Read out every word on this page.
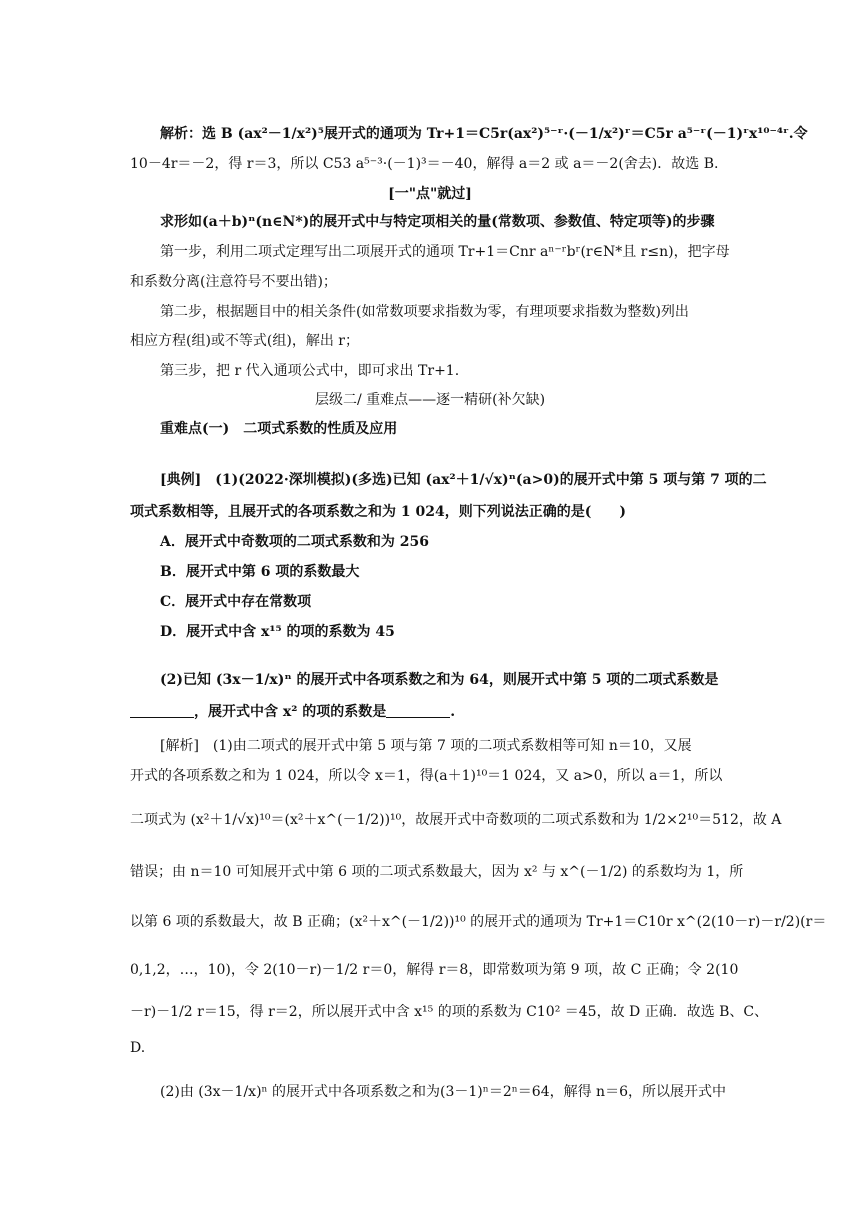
解析：选 B (ax²－1/x²)⁵展开式的通项为 Tr+1＝C5r(ax²)⁵⁻ʳ·(－1/x²)ʳ＝C5r a⁵⁻ʳ(－1)ʳx¹⁰⁻⁴ʳ.令
10－4r＝－2，得 r＝3，所以 C53 a⁵⁻³·(－1)³＝－40，解得 a＝2 或 a＝－2(舍去)．故选 B.
[一"点"就过]
求形如(a＋b)ⁿ(n∈N*)的展开式中与特定项相关的量(常数项、参数值、特定项等)的步骤
第一步，利用二项式定理写出二项展开式的通项 Tr+1＝Cnr aⁿ⁻ʳbʳ(r∈N*且 r≤n)，把字母
和系数分离(注意符号不要出错)；
第二步，根据题目中的相关条件(如常数项要求指数为零，有理项要求指数为整数)列出
相应方程(组)或不等式(组)，解出 r；
第三步，把 r 代入通项公式中，即可求出 Tr+1.
层级二/ 重难点——逐一精研(补欠缺)
重难点(一)　二项式系数的性质及应用
[典例]　(1)(2022·深圳模拟)(多选)已知 (ax²＋1/√x)ⁿ(a>0)的展开式中第 5 项与第 7 项的二
项式系数相等，且展开式的各项系数之和为 1 024，则下列说法正确的是(　　)
A．展开式中奇数项的二项式系数和为 256
B．展开式中第 6 项的系数最大
C．展开式中存在常数项
D．展开式中含 x¹⁵ 的项的系数为 45
(2)已知 (3x－1/x)ⁿ 的展开式中各项系数之和为 64，则展开式中第 5 项的二项式系数是
，展开式中含 x² 的项的系数是	.
[解析]　(1)由二项式的展开式中第 5 项与第 7 项的二项式系数相等可知 n＝10，又展
开式的各项系数之和为 1 024，所以令 x＝1，得(a＋1)¹⁰＝1 024，又 a>0，所以 a＝1，所以
二项式为 (x²＋1/√x)¹⁰＝(x²＋x^(－1/2))¹⁰，故展开式中奇数项的二项式系数和为 1/2×2¹⁰＝512，故 A
错误；由 n＝10 可知展开式中第 6 项的二项式系数最大，因为 x² 与 x^(－1/2) 的系数均为 1，所
以第 6 项的系数最大，故 B 正确；(x²＋x^(－1/2))¹⁰ 的展开式的通项为 Tr+1＝C10r x^(2(10－r)－r/2)(r＝
0,1,2，…，10)，令 2(10－r)－1/2 r＝0，解得 r＝8，即常数项为第 9 项，故 C 正确；令 2(10
－r)－1/2 r＝15，得 r＝2，所以展开式中含 x¹⁵ 的项的系数为 C10² ＝45，故 D 正确．故选 B、C、
D.
(2)由 (3x－1/x)ⁿ 的展开式中各项系数之和为(3－1)ⁿ＝2ⁿ＝64，解得 n＝6，所以展开式中
